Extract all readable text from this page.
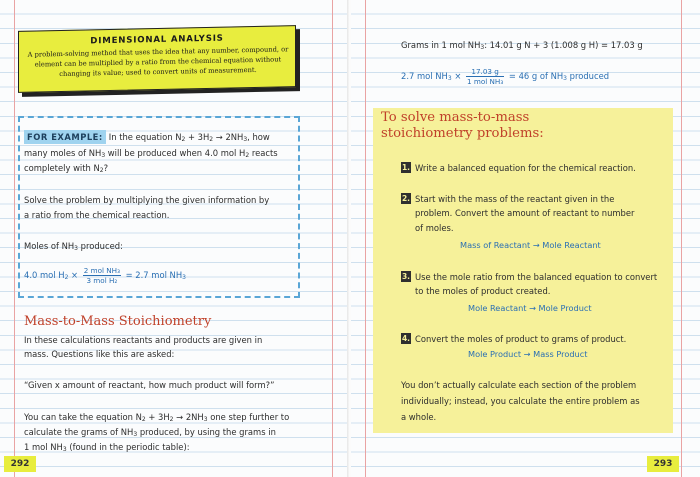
DIMENSIONAL ANALYSIS
A problem-solving method that uses the idea that any number, compound, or element can be multiplied by a ratio from the chemical equation without changing its value; used to convert units of measurement.
FOR EXAMPLE: In the equation $N_2 + 3H_2 \to 2NH_3$, how
many moles of $NH_3$ will be produced when 4.0 mol $H_2$ reacts
completely with $N_2$?
Solve the problem by multiplying the given information by
a ratio from the chemical reaction.
Moles of $NH_3$ produced:
4.0 mol $H_2 \times \frac{\text{2 mol NH₃}}{\text{3 mol H₂}} = 2.7$ mol $NH_3$
Mass-to-Mass Stoichiometry
In these calculations reactants and products are given in
mass. Questions like this are asked:
“Given x amount of reactant, how much product will form?”
You can take the equation $N_2 + 3H_2 \to 2NH_3$ one step further to
calculate the grams of $NH_3$ produced, by using the grams in
1 mol $NH_3$ (found in the periodic table):
292	293
Grams in 1 mol $NH_3$: 14.01 g N + 3 (1.008 g H) = 17.03 g
2.7 mol $NH_3 \times \frac{17.03 g}{\text{1 mol NH₃}} = 46$ g of $NH_3$ produced
To solve mass-to-mass
stoichiometry problems:
1. Write a balanced equation for the chemical reaction.
2. Start with the mass of the reactant given in the
problem. Convert the amount of reactant to number
of moles.
Mass of Reactant → Mole Reactant
3. Use the mole ratio from the balanced equation to convert
to the moles of product created.
Mole Reactant → Mole Product
4. Convert the moles of product to grams of product.
Mole Product → Mass Product
You don’t actually calculate each section of the problem
individually; instead, you calculate the entire problem as
a whole.
